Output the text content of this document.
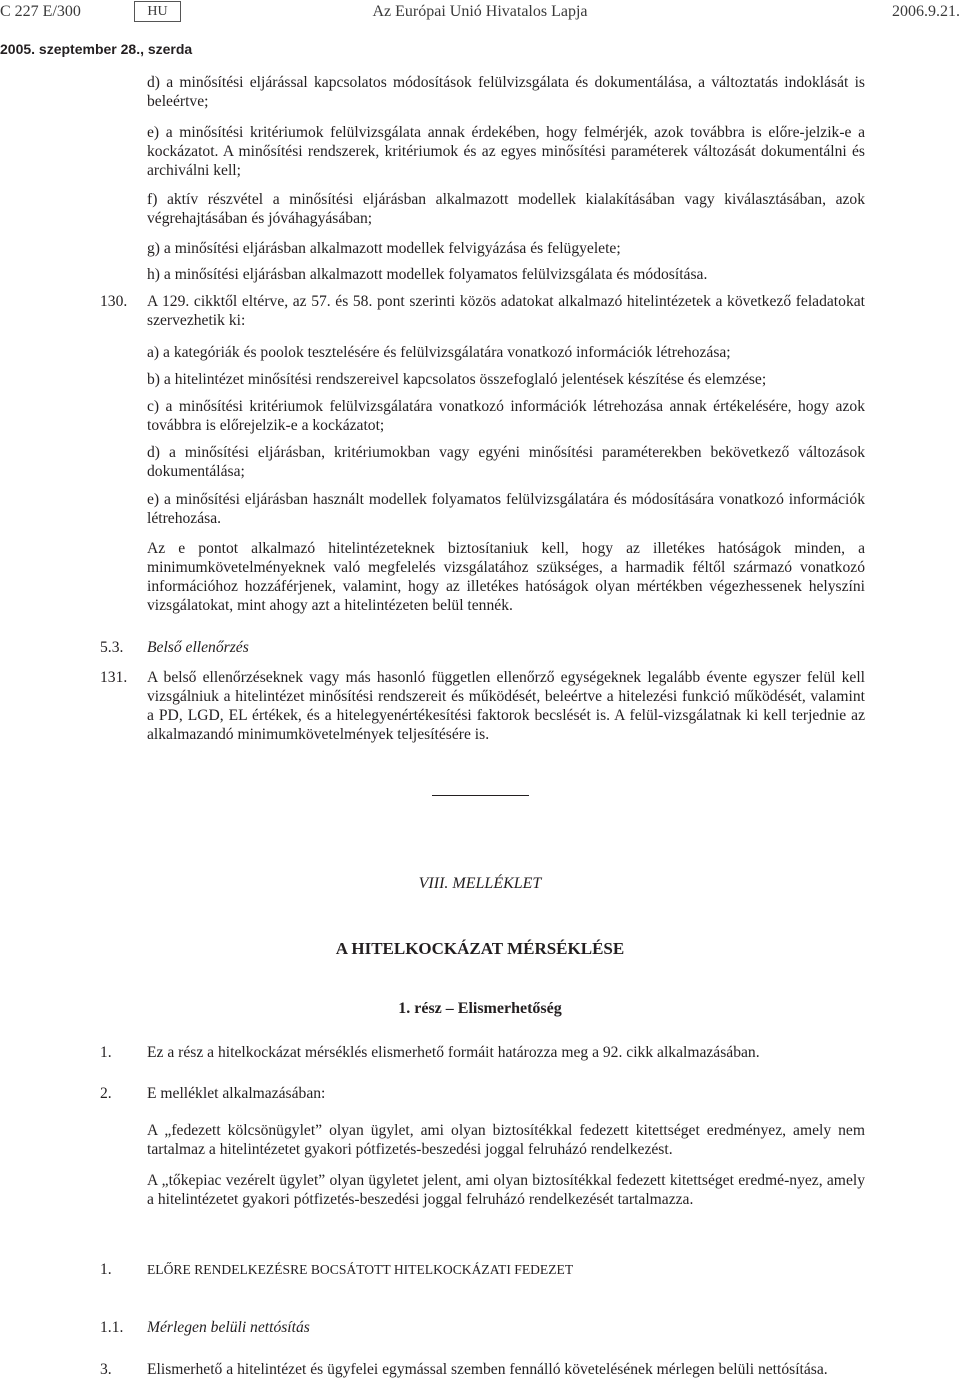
C 227 E/300	HU	Az Európai Unió Hivatalos Lapja	2006.9.21.
2005. szeptember 28., szerda

d) a minősítési eljárással kapcsolatos módosítások felülvizsgálata és dokumentálása, a változtatás indoklását is beleértve;

e) a minősítési kritériumok felülvizsgálata annak érdekében, hogy felmérjék, azok továbbra is előre-jelzik-e a kockázatot. A minősítési rendszerek, kritériumok és az egyes minősítési paraméterek változását dokumentálni és archiválni kell;

f) aktív részvétel a minősítési eljárásban alkalmazott modellek kialakításában vagy kiválasztásában, azok végrehajtásában és jóváhagyásában;

g) a minősítési eljárásban alkalmazott modellek felvigyázása és felügyelete;

h) a minősítési eljárásban alkalmazott modellek folyamatos felülvizsgálata és módosítása.

130. A 129. cikktől eltérve, az 57. és 58. pont szerinti közös adatokat alkalmazó hitelintézetek a következő feladatokat szervezhetik ki:

a) a kategóriák és poolok tesztelésére és felülvizsgálatára vonatkozó információk létrehozása;

b) a hitelintézet minősítési rendszereivel kapcsolatos összefoglaló jelentések készítése és elemzése;

c) a minősítési kritériumok felülvizsgálatára vonatkozó információk létrehozása annak értékelésére, hogy azok továbbra is előrejelzik-e a kockázatot;

d) a minősítési eljárásban, kritériumokban vagy egyéni minősítési paraméterekben bekövetkező változások dokumentálása;

e) a minősítési eljárásban használt modellek folyamatos felülvizsgálatára és módosítására vonatkozó információk létrehozása.

Az e pontot alkalmazó hitelintézeteknek biztosítaniuk kell, hogy az illetékes hatóságok minden, a minimumkövetelményeknek való megfelelés vizsgálatához szükséges, a harmadik féltől származó vonatkozó információhoz hozzáférjenek, valamint, hogy az illetékes hatóságok olyan mértékben végezhessenek helyszíni vizsgálatokat, mint ahogy azt a hitelintézeten belül tennék.

5.3. Belső ellenőrzés

131. A belső ellenőrzéseknek vagy más hasonló független ellenőrző egységeknek legalább évente egyszer felül kell vizsgálniuk a hitelintézet minősítési rendszereit és működését, beleértve a hitelezési funkció működését, valamint a PD, LGD, EL értékek, és a hitelegyenértékesítési faktorok becslését is. A felül-vizsgálatnak ki kell terjednie az alkalmazandó minimumkövetelmények teljesítésére is.

VIII. MELLÉKLET

A HITELKOCKÁZAT MÉRSÉKLÉSE

1. rész – Elismerhetőség

1. Ez a rész a hitelkockázat mérséklés elismerhető formáit határozza meg a 92. cikk alkalmazásában.

2. E melléklet alkalmazásában:

A „fedezett kölcsönügylet” olyan ügylet, ami olyan biztosítékkal fedezett kitettséget eredményez, amely nem tartalmaz a hitelintézetet gyakori pótfizetés-beszedési joggal felruházó rendelkezést.

A „tőkepiac vezérelt ügylet” olyan ügyletet jelent, ami olyan biztosítékkal fedezett kitettséget eredmé-nyez, amely a hitelintézetet gyakori pótfizetés-beszedési joggal felruházó rendelkezését tartalmazza.

1.	ELŐRE RENDELKEZÉSRE BOCSÁTOTT HITELKOCKÁZATI FEDEZET

1.1. Mérlegen belüli nettósítás

3. Elismerhető a hitelintézet és ügyfelei egymással szemben fennálló követelésének mérlegen belüli nettósítása.
